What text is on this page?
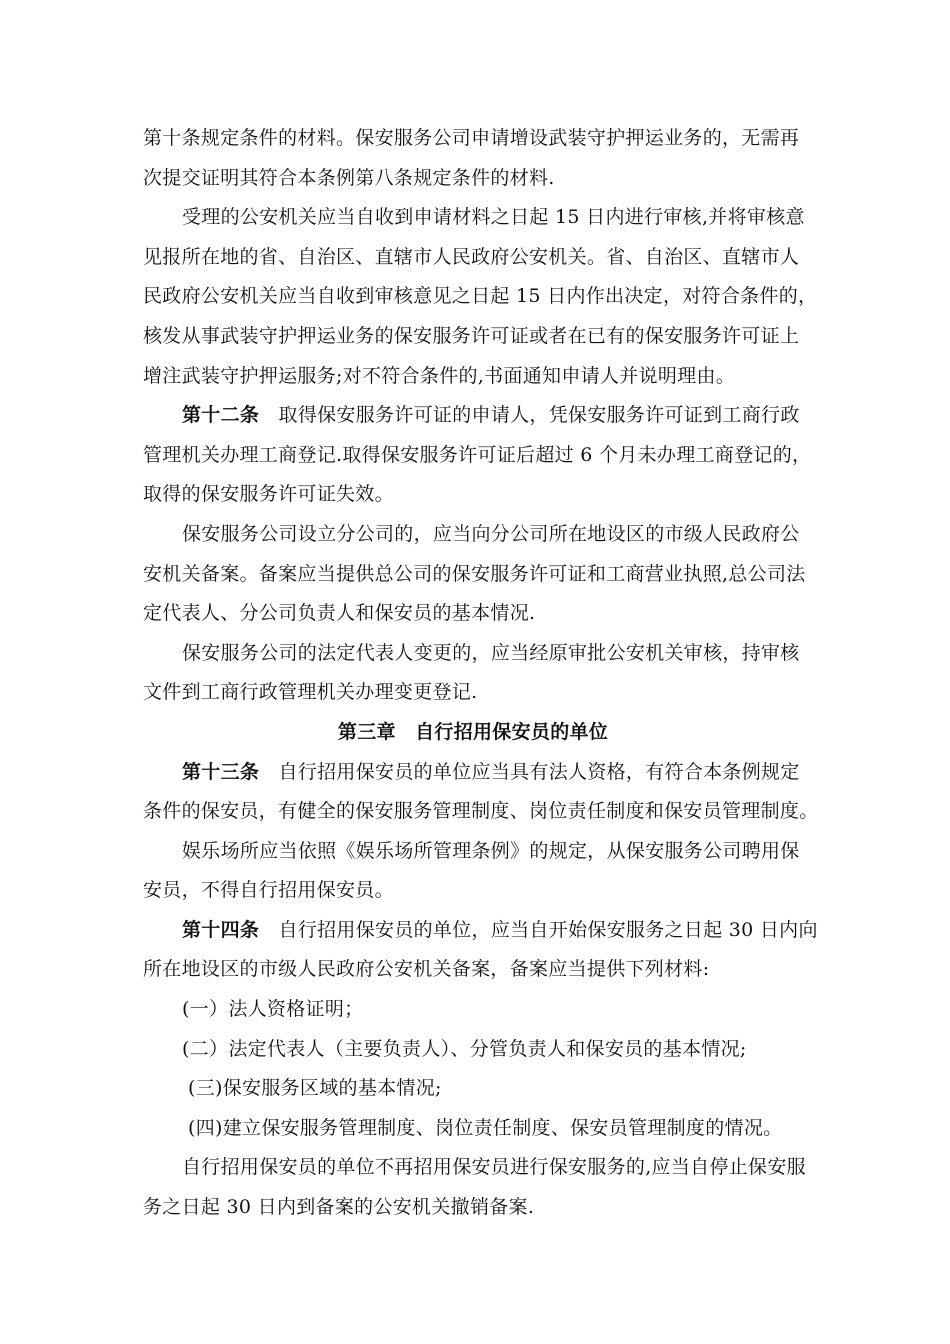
第十条规定条件的材料。保安服务公司申请增设武装守护押运业务的，无需再
次提交证明其符合本条例第八条规定条件的材料.
受理的公安机关应当自收到申请材料之日起 15 日内进行审核,并将审核意
见报所在地的省、自治区、直辖市人民政府公安机关。省、自治区、直辖市人
民政府公安机关应当自收到审核意见之日起 15 日内作出决定，对符合条件的，
核发从事武装守护押运业务的保安服务许可证或者在已有的保安服务许可证上
增注武装守护押运服务;对不符合条件的,书面通知申请人并说明理由。
第十二条　 取得保安服务许可证的申请人，凭保安服务许可证到工商行政
管理机关办理工商登记.取得保安服务许可证后超过 6 个月未办理工商登记的，
取得的保安服务许可证失效。
保安服务公司设立分公司的，应当向分公司所在地设区的市级人民政府公
安机关备案。备案应当提供总公司的保安服务许可证和工商营业执照,总公司法
定代表人、分公司负责人和保安员的基本情况.
保安服务公司的法定代表人变更的，应当经原审批公安机关审核，持审核
文件到工商行政管理机关办理变更登记.
第三章　自行招用保安员的单位
第十三条　 自行招用保安员的单位应当具有法人资格，有符合本条例规定
条件的保安员，有健全的保安服务管理制度、岗位责任制度和保安员管理制度。
娱乐场所应当依照《娱乐场所管理条例》的规定，从保安服务公司聘用保
安员，不得自行招用保安员。
第十四条　 自行招用保安员的单位，应当自开始保安服务之日起 30 日内向
所在地设区的市级人民政府公安机关备案，备案应当提供下列材料:
(一）法人资格证明；
(二）法定代表人（主要负责人）、分管负责人和保安员的基本情况;
(三)保安服务区域的基本情况;
(四)建立保安服务管理制度、岗位责任制度、保安员管理制度的情况。
自行招用保安员的单位不再招用保安员进行保安服务的,应当自停止保安服
务之日起 30 日内到备案的公安机关撤销备案.
